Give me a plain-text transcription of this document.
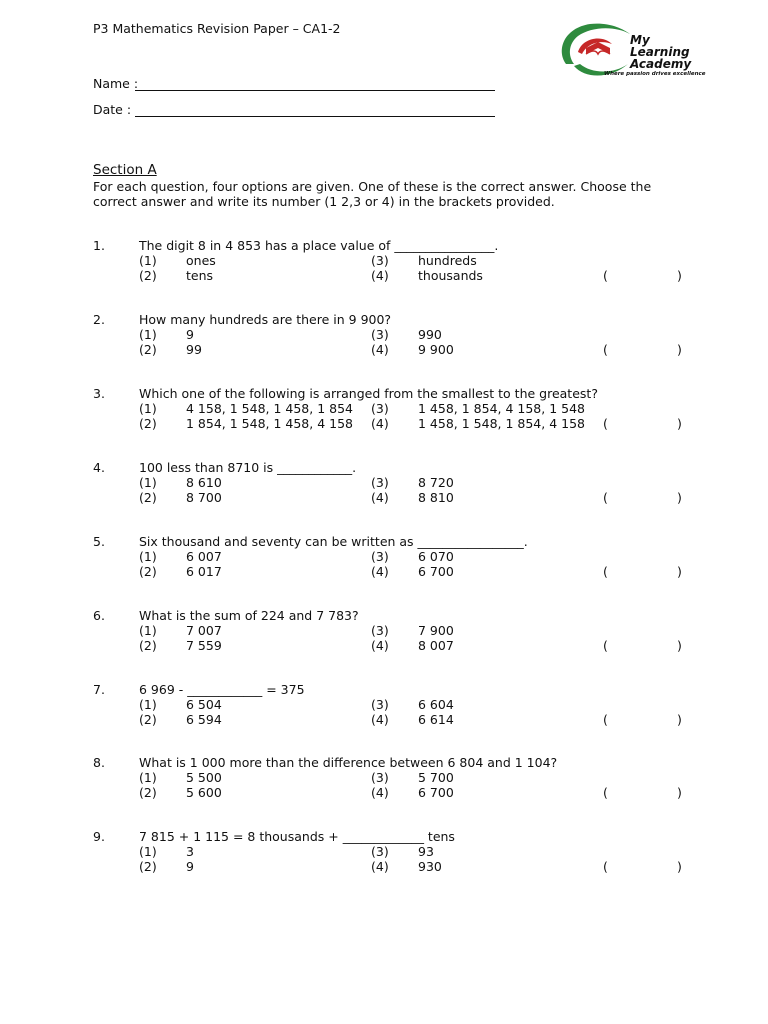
P3 Mathematics Revision Paper – CA1-2
My
Learning
Academy
Where passion drives excellence
Name :
Date :
Section A
For each question, four options are given. One of these is the correct answer. Choose the correct answer and write its number (1 2,3 or 4) in the brackets provided.
1.	The digit 8 in 4 853 has a place value of ________________.
(1) ones
(2) tens
(3) hundreds
(4) thousands	(	)
2.	How many hundreds are there in 9 900?
(1) 9
(2) 99
(3) 990
(4) 9 900	(	)
3.	Which one of the following is arranged from the smallest to the greatest?
(1) 4 158, 1 548, 1 458, 1 854
(2) 1 854, 1 548, 1 458, 4 158
(3) 1 458, 1 854, 4 158, 1 548
(4) 1 458, 1 548, 1 854, 4 158 (	)
4.	100 less than 8710 is ____________.
(1) 8 610
(2) 8 700
(3) 8 720
(4) 8 810	(	)
5.	Six thousand and seventy can be written as _________________.
(1) 6 007
(2) 6 017
(3) 6 070
(4) 6 700	(	)
6.	What is the sum of 224 and 7 783?
(1) 7 007
(2) 7 559
(3) 7 900
(4) 8 007	(	)
7.	6 969 - ____________ = 375
(1) 6 504
(2) 6 594
(3) 6 604
(4) 6 614	(	)
8.	What is 1 000 more than the difference between 6 804 and 1 104?
(1) 5 500
(2) 5 600
(3) 5 700
(4) 6 700	(	)
9.	7 815 + 1 115 = 8 thousands + _____________ tens
(1) 3
(2) 9
(3) 93
(4) 930	(	)
